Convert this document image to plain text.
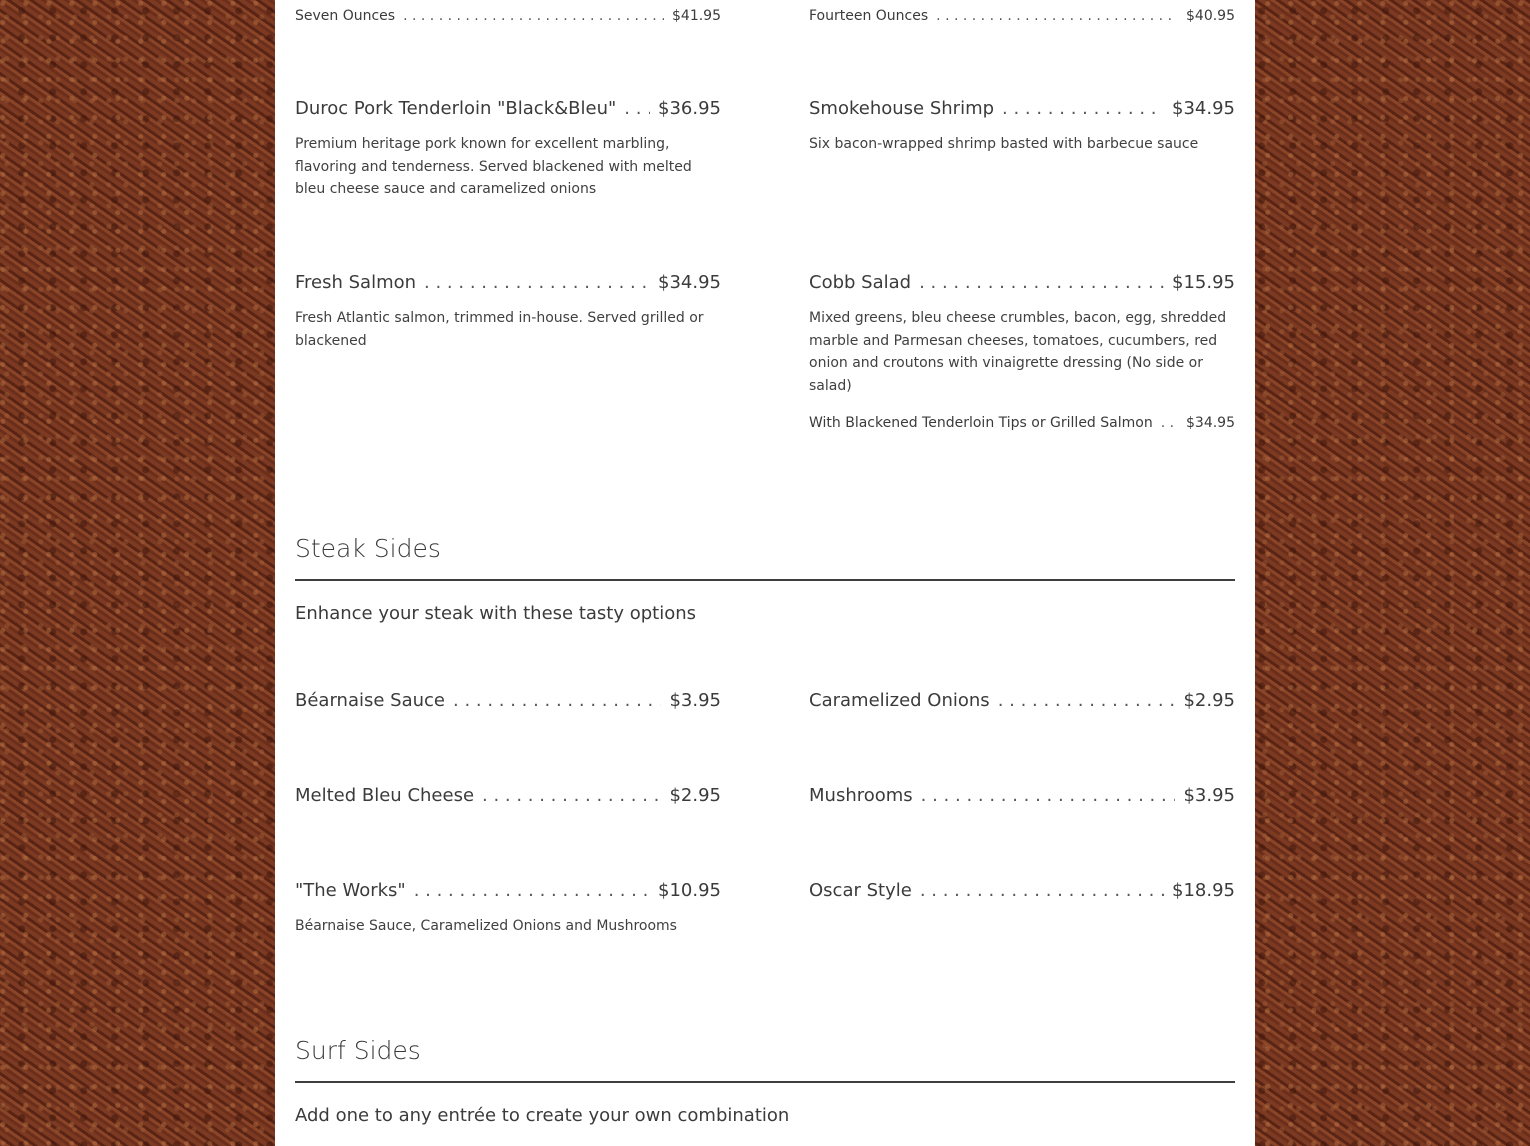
Seven Ounces . . .	$41.95	Fourteen Ounces . . .	$40.95
Duroc Pork Tenderloin "Black&Bleu" . . . $36.95
Premium heritage pork known for excellent marbling, flavoring and tenderness. Served blackened with melted bleu cheese sauce and caramelized onions
Smokehouse Shrimp . . .	$34.95
Six bacon-wrapped shrimp basted with barbecue sauce
Fresh Salmon . . .	$34.95
Fresh Atlantic salmon, trimmed in-house. Served grilled or blackened
Cobb Salad . . .	$15.95
Mixed greens, bleu cheese crumbles, bacon, egg, shredded marble and Parmesan cheeses, tomatoes, cucumbers, red onion and croutons with vinaigrette dressing (No side or salad)
With Blackened Tenderloin Tips or Grilled Salmon . . . $34.95
Steak Sides
Enhance your steak with these tasty options
Béarnaise Sauce . . .	$3.95	Caramelized Onions . . .	$2.95
Melted Bleu Cheese . . .	$2.95	Mushrooms . . .	$3.95
"The Works" . . .	$10.95
Béarnaise Sauce, Caramelized Onions and Mushrooms
Oscar Style . . .	$18.95
Surf Sides
Add one to any entrée to create your own combination
